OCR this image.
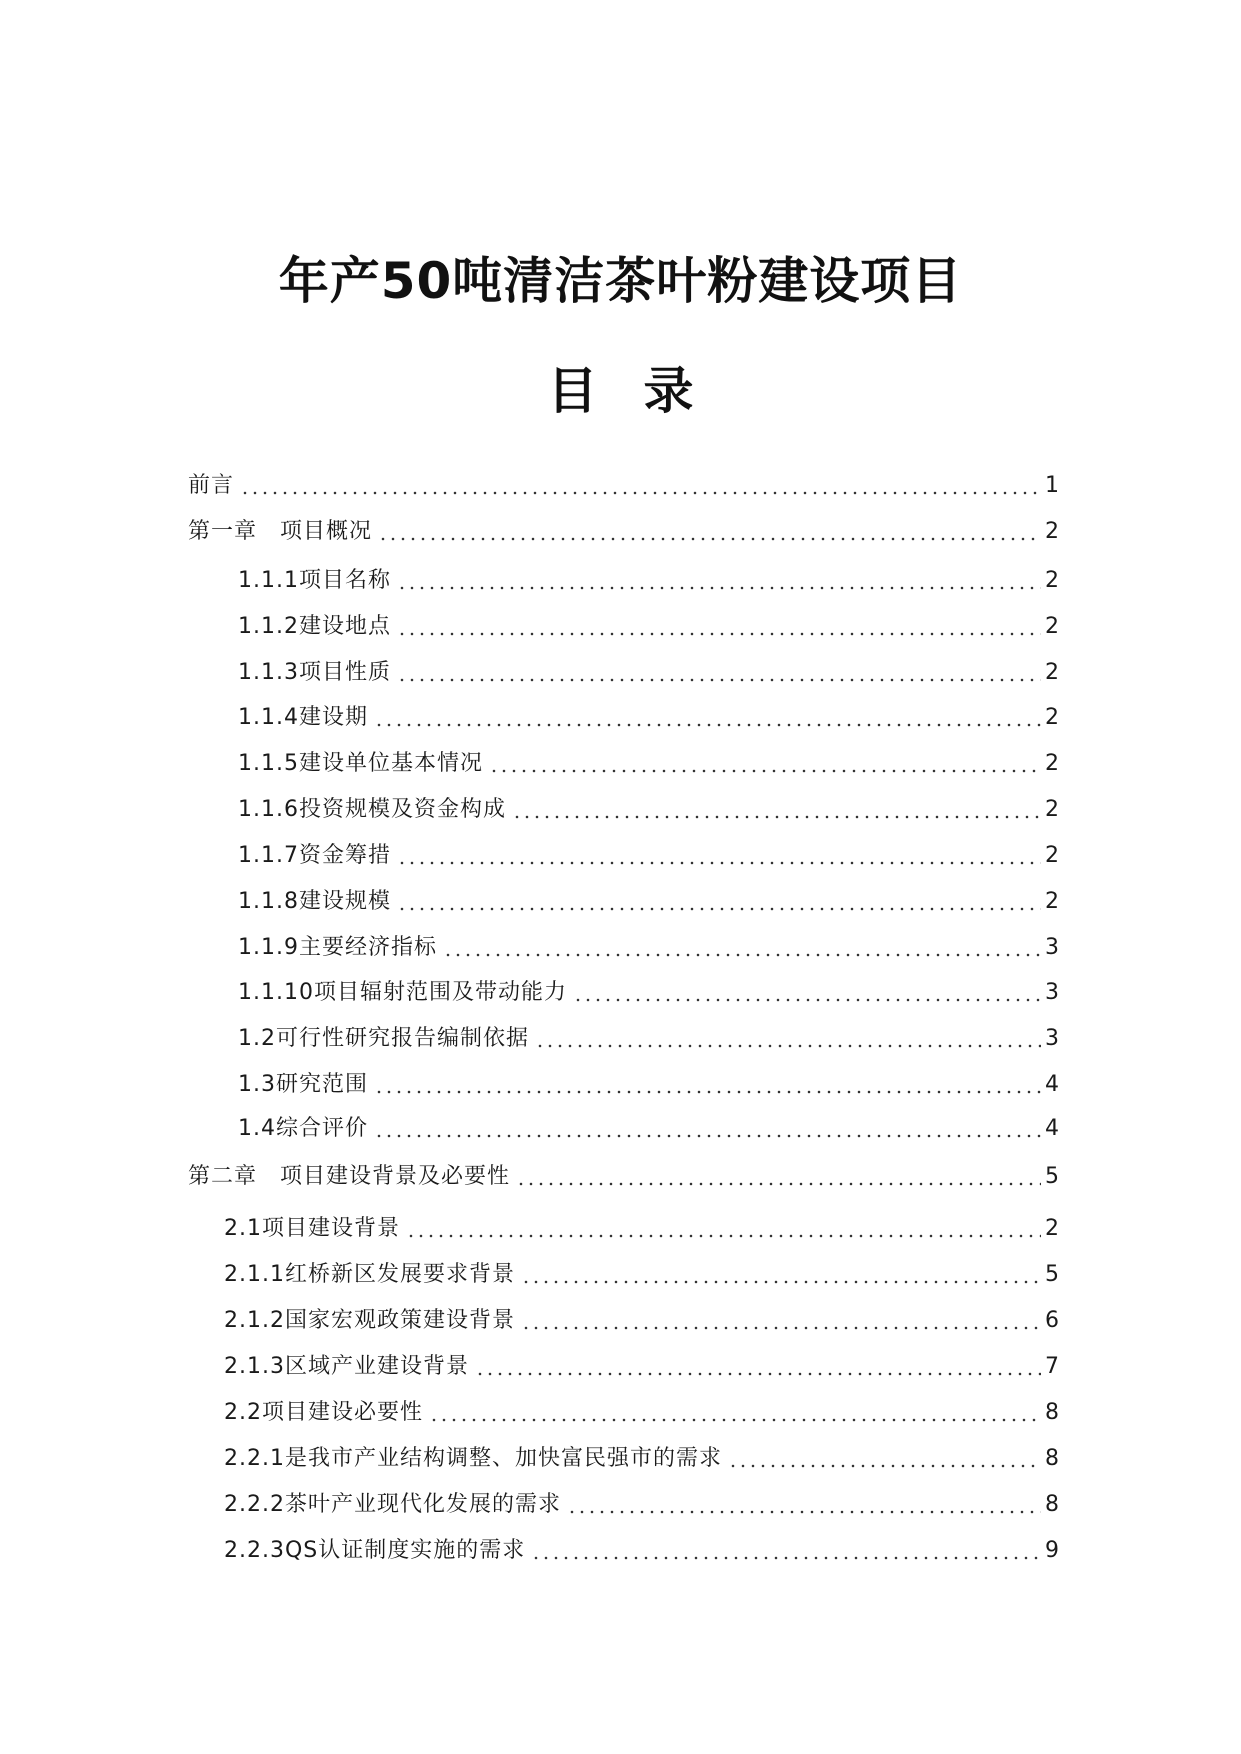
年产50吨清洁茶叶粉建设项目
目录
前言	1
第一章　项目概况	2
1.1.1项目名称	2
1.1.2建设地点	2
1.1.3项目性质	2
1.1.4建设期	2
1.1.5建设单位基本情况	2
1.1.6投资规模及资金构成	2
1.1.7资金筹措	2
1.1.8建设规模	2
1.1.9主要经济指标	3
1.1.10项目辐射范围及带动能力	3
1.2可行性研究报告编制依据	3
1.3研究范围	4
1.4综合评价	4
第二章　项目建设背景及必要性	5
2.1项目建设背景	2
2.1.1红桥新区发展要求背景	5
2.1.2国家宏观政策建设背景	6
2.1.3区域产业建设背景	7
2.2项目建设必要性	8
2.2.1是我市产业结构调整、加快富民强市的需求	8
2.2.2茶叶产业现代化发展的需求	8
2.2.3QS认证制度实施的需求	9
